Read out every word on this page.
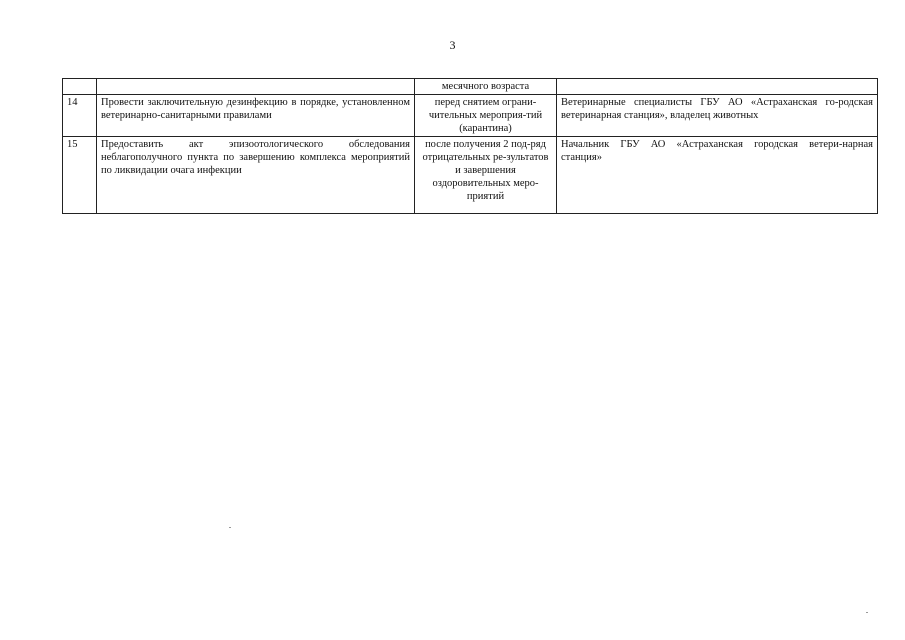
3
		месячного возраста	
14	Провести заключительную дезинфекцию в порядке, установленном ветеринарно-санитарными правилами	перед снятием ограни-чительных мероприя-тий (карантина)	Ветеринарные специалисты ГБУ АО «Астраханская го-родская ветеринарная станция», владелец животных
15	Предоставить акт эпизоотологического обследования неблагополучного пункта по завершению комплекса мероприятий по ликвидации очага инфекции	после получения 2 под-ряд отрицательных ре-зультатов и завершения оздоровительных меро-приятий	Начальник ГБУ АО «Астраханская городская ветери-нарная станция»
